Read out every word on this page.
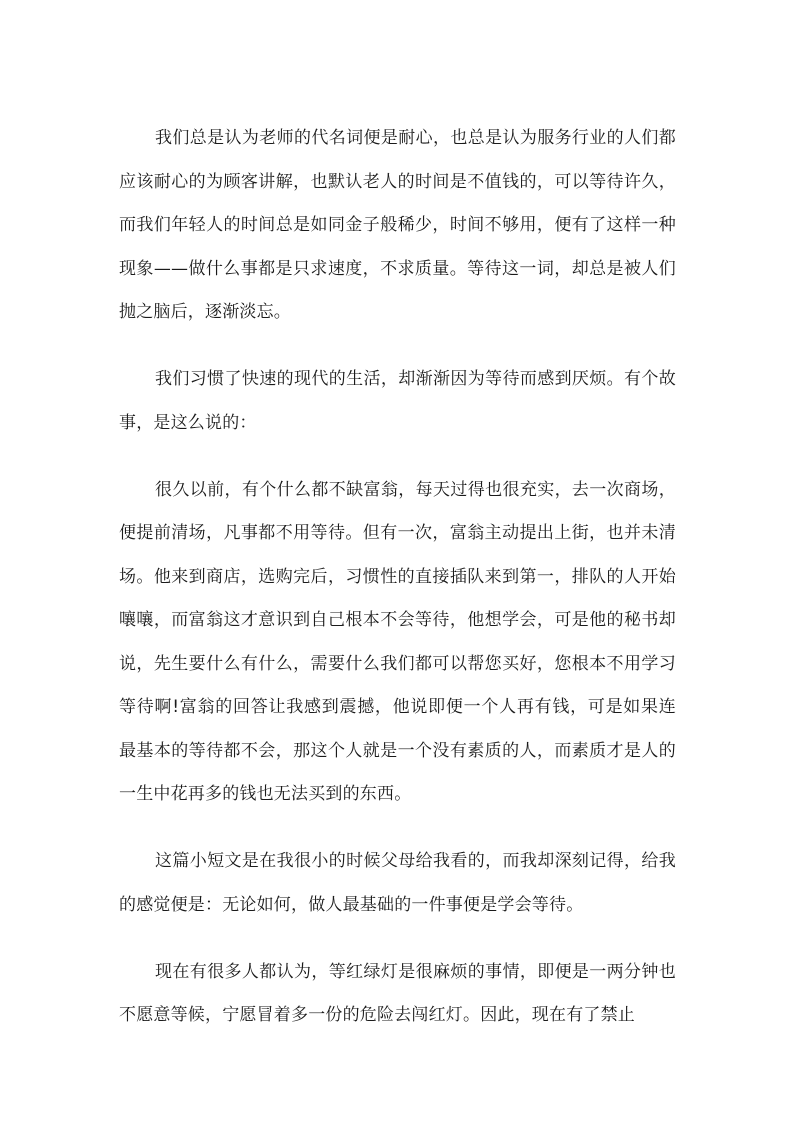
我们总是认为老师的代名词便是耐心，也总是认为服务行业的人们都应该耐心的为顾客讲解，也默认老人的时间是不值钱的，可以等待许久，而我们年轻人的时间总是如同金子般稀少，时间不够用，便有了这样一种现象——做什么事都是只求速度，不求质量。等待这一词，却总是被人们抛之脑后，逐渐淡忘。

我们习惯了快速的现代的生活，却渐渐因为等待而感到厌烦。有个故事，是这么说的：

很久以前，有个什么都不缺富翁，每天过得也很充实，去一次商场，便提前清场，凡事都不用等待。但有一次，富翁主动提出上街，也并未清场。他来到商店，选购完后，习惯性的直接插队来到第一，排队的人开始嚷嚷，而富翁这才意识到自己根本不会等待，他想学会，可是他的秘书却说，先生要什么有什么，需要什么我们都可以帮您买好，您根本不用学习等待啊!富翁的回答让我感到震撼，他说即便一个人再有钱，可是如果连最基本的等待都不会，那这个人就是一个没有素质的人，而素质才是人的一生中花再多的钱也无法买到的东西。

这篇小短文是在我很小的时候父母给我看的，而我却深刻记得，给我的感觉便是：无论如何，做人最基础的一件事便是学会等待。

现在有很多人都认为，等红绿灯是很麻烦的事情，即便是一两分钟也不愿意等候，宁愿冒着多一份的危险去闯红灯。因此，现在有了禁止
